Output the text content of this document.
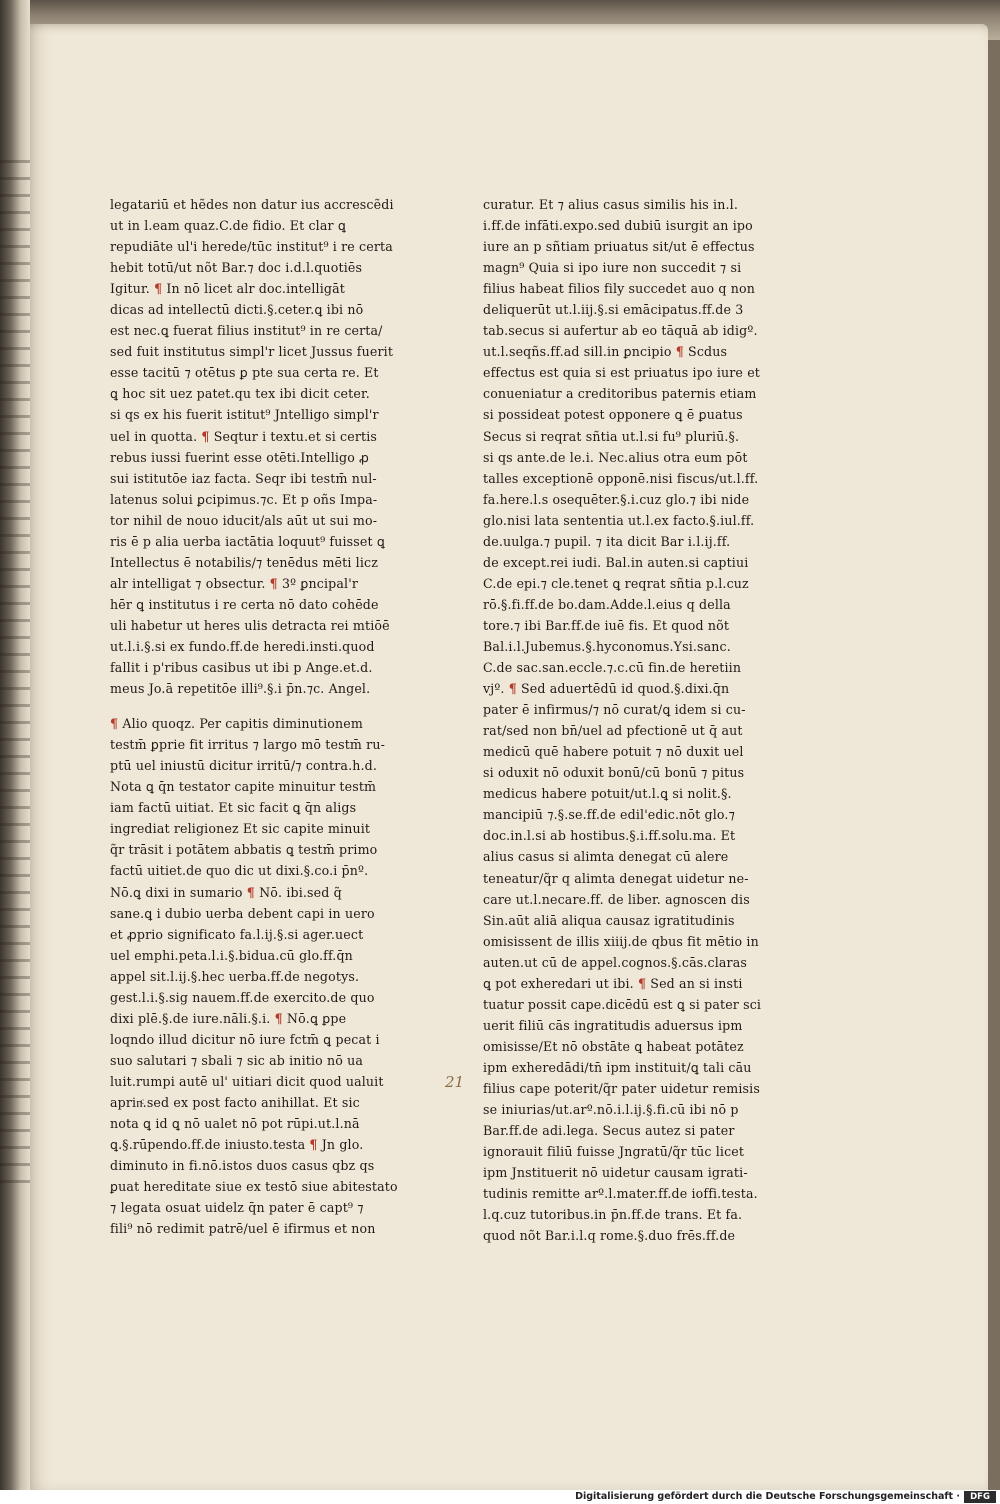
legatariū et hẽdes non datur ius accrescẽdi
ut in l.eam quaz.C.de fidio. Et clar ꝗ
repudiāte ul'i herede/tūc institut⁹ i re certa
hebit totū/ut nõt Bar.⁊ doc i.d.l.quotiēs
Igitur. ¶ In nō licet alr doc.intelligāt
dicas ad intellectū dicti.§.ceter.ꝗ ibi nō
est nec.ꝗ fuerat filius institut⁹ in re certa/
sed fuit institutus simpl'r licet Jussus fuerit
esse tacitū ⁊ otētus ꝑ pte sua certa re. Et
ꝗ hoc sit uez patet.qu tex ibi dicit ceter.
si qs ex his fuerit istitut⁹ Jntelligo simpl'r
uel in quotta. ¶ Seqtur i textu.et si certis
rebus iussi fuerint esse otēti.Intelligo ꝓ
sui istitutōe iaz facta. Seqr ibi testm̄ nul-
latenus solui ꝑcipimus.⁊c. Et p oñs Impa-
tor nihil de nouo iducit/als aūt ut sui mo-
ris ē p alia uerba iactātia loquut⁹ fuisset ꝗ
Intellectus ē notabilis/⁊ tenēdus mēti licz
alr intelligat ⁊ obsectur. ¶ 3º ꝑncipal'r
hēr ꝗ institutus i re certa nō dato cohēde
uli habetur ut heres ulis detracta rei mtiōē
ut.l.i.§.si ex fundo.ff.de heredi.insti.quod
fallit i p'ribus casibus ut ibi p Ange.et.d.
meus Jo.ā repetitōe illi⁹.§.i p̄n.⁊c. Angel.
¶ Alio quoqz. Per capitis diminutionem
testm̄ ꝑprie fit irritus ⁊ largo mō testm̄ ru-
ptū uel iniustū dicitur irritū/⁊ contra.h.d.
Nota ꝗ q̄n testator capite minuitur testm̄
iam factū uitiat. Et sic facit ꝗ q̄n aligs
ingrediat religionez Et sic capite minuit
q̃r trāsit i potātem abbatis ꝗ testm̄ primo
factū uitiet.de quo dic ut dixi.§.co.i p̄nº.
Nō.ꝗ dixi in sumario ¶ Nō. ibi.sed q̃
sane.ꝗ i dubio uerba debent capi in uero
et ꝓprio significato fa.l.ij.§.si ager.uect
uel emphi.peta.l.i.§.bidua.cū glo.ff.q̄n
appel sit.l.ij.§.hec uerba.ff.de negotys.
gest.l.i.§.sig nauem.ff.de exercito.de quo
dixi plē.§.de iure.nāli.§.i. ¶ Nō.ꝗ ꝑpe
loqndo illud dicitur nō iure fctm̄ ꝗ pecat i
suo salutari ⁊ sbali ⁊ sic ab initio nō ua
luit.rumpi autē ul' uitiari dicit quod ualuit
aprinͨ.sed ex post facto anihillat. Et sic
nota ꝗ id ꝗ nō ualet nō pot rūpi.ut.l.nā
ꝗ.§.rūpendo.ff.de iniusto.testa ¶ Jn glo.
diminuto in fi.nō.istos duos casus qbz qs
ꝑuat hereditate siue ex testō siue abitestato
⁊ legata osuat uidelz q̄n pater ē capt⁹ ⁊
fili⁹ nō redimit patrē/uel ē ifirmus et non
curatur. Et ⁊ alius casus similis his in.l.
i.ff.de infāti.expo.sed dubiū isurgit an ipo
iure an p sñtiam priuatus sit/ut ē effectus
magn⁹ Quia si ipo iure non succedit ⁊ si
filius habeat filios fily succedet auo q non
deliquerūt ut.l.iij.§.si emācipatus.ff.de 3
tab.secus si aufertur ab eo tāquā ab idigº.
ut.l.seqñs.ff.ad sill.in ꝑncipio ¶ Scdus
effectus est quia si est priuatus ipo iure et
conueniatur a creditoribus paternis etiam
si possideat potest opponere ꝗ ē ꝑuatus
Secus si reqrat sñtia ut.l.si fu⁹ pluriū.§.
si qs ante.de le.i. Nec.alius otra eum pōt
talles exceptionē opponē.nisi fiscus/ut.l.ff.
fa.here.l.s osequēter.§.i.cuz glo.⁊ ibi nide
glo.nisi lata sententia ut.l.ex facto.§.iul.ff.
de.uulga.⁊ pupil. ⁊ ita dicit Bar i.l.ij.ff.
de except.rei iudi. Bal.in auten.si captiui
C.de epi.⁊ cle.tenet ꝗ reqrat sñtia p.l.cuz
rō.§.fi.ff.de bo.dam.Adde.l.eius q della
tore.⁊ ibi Bar.ff.de iuē fis. Et quod nõt
Bal.i.l.Jubemus.§.hyconomus.Ysi.sanc.
C.de sac.san.eccle.⁊.c.cū fin.de heretiin
vjº. ¶ Sed aduertēdū id quod.§.dixi.q̄n
pater ē infirmus/⁊ nō curat/ꝗ idem si cu-
rat/sed non bn̄/uel ad pfectionē ut q̄ aut
medicū quē habere potuit ⁊ nō duxit uel
si oduxit nō oduxit bonū/cū bonū ⁊ pitus
medicus habere potuit/ut.l.ꝗ si nolit.§.
mancipiū ⁊.§.se.ff.de edil'edic.nōt glo.⁊
doc.in.l.si ab hostibus.§.i.ff.solu.ma. Et
alius casus si alimta denegat cū alere
teneatur/q̃r q alimta denegat uidetur ne-
care ut.l.necare.ff. de liber. agnoscen dis
Sin.aūt aliā aliqua causaz igratitudinis
omisissent de illis xiiij.de qbus fit mētio in
auten.ut cū de appel.cognos.§.cās.claras
ꝗ pot exheredari ut ibi. ¶ Sed an si insti
tuatur possit cape.dicēdū est ꝗ si pater sci
uerit filiū cās ingratitudis aduersus ipm
omisisse/Et nō obstāte ꝗ habeat potātez
ipm exheredādi/tn̄ ipm instituit/ꝗ tali cāu
filius cape poterit/q̃r pater uidetur remisis
se iniurias/ut.arº.nō.i.l.ij.§.fi.cū ibi nō p
Bar.ff.de adi.lega. Secus autez si pater
ignorauit filiū fuisse Jngratū/q̃r tūc licet
ipm Jnstituerit nō uidetur causam igrati-
tudinis remitte arº.l.mater.ff.de ioffi.testa.
l.q.cuz tutoribus.in p̄n.ff.de trans. Et fa.
quod nõt Bar.i.l.q rome.§.duo frēs.ff.de
21
Digitalisierung gefördert durch die Deutsche Forschungsgemeinschaft ·	DFG
